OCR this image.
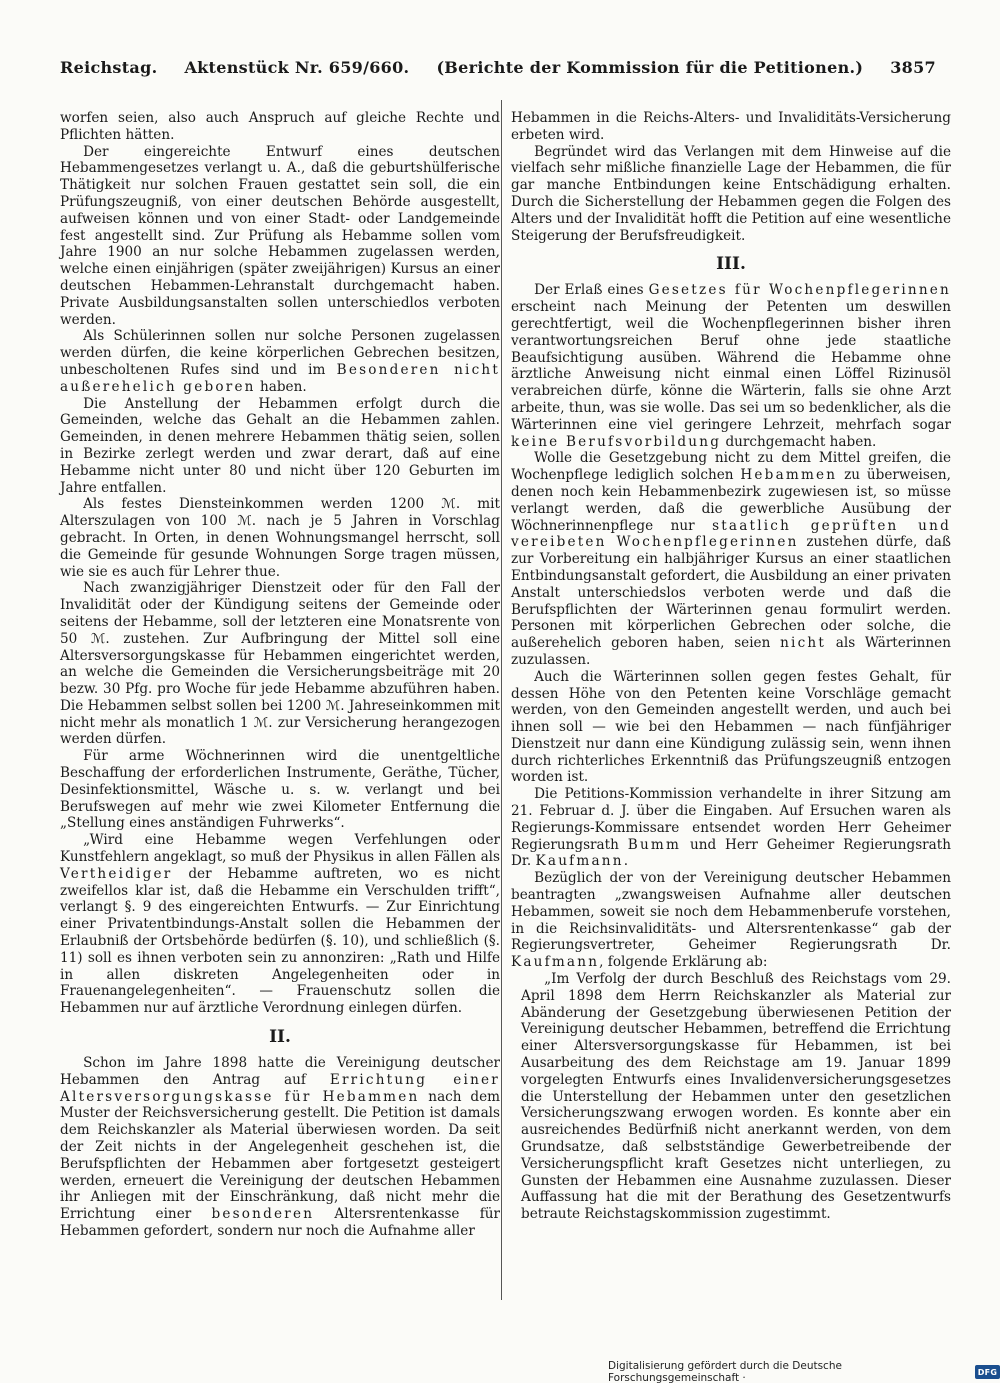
Reichstag. Aktenstück Nr. 659/660. (Berichte der Kommission für die Petitionen.) 3857

worfen seien, also auch Anspruch auf gleiche Rechte und Pflichten hätten.

Der eingereichte Entwurf eines deutschen Hebammengesetzes verlangt u. A., daß die geburtshülferische Thätigkeit nur solchen Frauen gestattet sein soll, die ein Prüfungszeugniß, von einer deutschen Behörde ausgestellt, aufweisen können und von einer Stadt- oder Landgemeinde fest angestellt sind. Zur Prüfung als Hebamme sollen vom Jahre 1900 an nur solche Hebammen zugelassen werden, welche einen einjährigen (später zweijährigen) Kursus an einer deutschen Hebammen-Lehranstalt durchgemacht haben. Private Ausbildungsanstalten sollen unterschiedlos verboten werden.

Als Schülerinnen sollen nur solche Personen zugelassen werden dürfen, die keine körperlichen Gebrechen besitzen, unbescholtenen Rufes sind und im Besonderen nicht außerehelich geboren haben.

Die Anstellung der Hebammen erfolgt durch die Gemeinden, welche das Gehalt an die Hebammen zahlen. Gemeinden, in denen mehrere Hebammen thätig seien, sollen in Bezirke zerlegt werden und zwar derart, daß auf eine Hebamme nicht unter 80 und nicht über 120 Geburten im Jahre entfallen.

Als festes Diensteinkommen werden 1200 ℳ. mit Alterszulagen von 100 ℳ. nach je 5 Jahren in Vorschlag gebracht. In Orten, in denen Wohnungsmangel herrscht, soll die Gemeinde für gesunde Wohnungen Sorge tragen müssen, wie sie es auch für Lehrer thue.

Nach zwanzigjähriger Dienstzeit oder für den Fall der Invalidität oder der Kündigung seitens der Gemeinde oder seitens der Hebamme, soll der letzteren eine Monatsrente von 50 ℳ. zustehen. Zur Aufbringung der Mittel soll eine Altersversorgungskasse für Hebammen eingerichtet werden, an welche die Gemeinden die Versicherungsbeiträge mit 20 bezw. 30 Pfg. pro Woche für jede Hebamme abzuführen haben. Die Hebammen selbst sollen bei 1200 ℳ. Jahreseinkommen mit nicht mehr als monatlich 1 ℳ. zur Versicherung herangezogen werden dürfen.

Für arme Wöchnerinnen wird die unentgeltliche Beschaffung der erforderlichen Instrumente, Geräthe, Tücher, Desinfektionsmittel, Wäsche u. s. w. verlangt und bei Berufswegen auf mehr wie zwei Kilometer Entfernung die „Stellung eines anständigen Fuhrwerks“.

„Wird eine Hebamme wegen Verfehlungen oder Kunstfehlern angeklagt, so muß der Physikus in allen Fällen als Vertheidiger der Hebamme auftreten, wo es nicht zweifellos klar ist, daß die Hebamme ein Verschulden trifft“, verlangt §. 9 des eingereichten Entwurfs. — Zur Einrichtung einer Privatentbindungs-Anstalt sollen die Hebammen der Erlaubniß der Ortsbehörde bedürfen (§. 10), und schließlich (§. 11) soll es ihnen verboten sein zu annonziren: „Rath und Hilfe in allen diskreten Angelegenheiten oder in Frauenangelegenheiten“. — Frauenschutz sollen die Hebammen nur auf ärztliche Verordnung einlegen dürfen.

II.

Schon im Jahre 1898 hatte die Vereinigung deutscher Hebammen den Antrag auf Errichtung einer Altersversorgungskasse für Hebammen nach dem Muster der Reichsversicherung gestellt. Die Petition ist damals dem Reichskanzler als Material überwiesen worden. Da seit der Zeit nichts in der Angelegenheit geschehen ist, die Berufspflichten der Hebammen aber fortgesetzt gesteigert werden, erneuert die Vereinigung der deutschen Hebammen ihr Anliegen mit der Einschränkung, daß nicht mehr die Errichtung einer besonderen Altersrentenkasse für Hebammen gefordert, sondern nur noch die Aufnahme aller

Hebammen in die Reichs-Alters- und Invaliditäts-Versicherung erbeten wird.

Begründet wird das Verlangen mit dem Hinweise auf die vielfach sehr mißliche finanzielle Lage der Hebammen, die für gar manche Entbindungen keine Entschädigung erhalten. Durch die Sicherstellung der Hebammen gegen die Folgen des Alters und der Invalidität hofft die Petition auf eine wesentliche Steigerung der Berufsfreudigkeit.

III.

Der Erlaß eines Gesetzes für Wochenpflegerinnen erscheint nach Meinung der Petenten um deswillen gerechtfertigt, weil die Wochenpflegerinnen bisher ihren verantwortungsreichen Beruf ohne jede staatliche Beaufsichtigung ausüben. Während die Hebamme ohne ärztliche Anweisung nicht einmal einen Löffel Rizinusöl verabreichen dürfe, könne die Wärterin, falls sie ohne Arzt arbeite, thun, was sie wolle. Das sei um so bedenklicher, als die Wärterinnen eine viel geringere Lehrzeit, mehrfach sogar keine Berufsvorbildung durchgemacht haben.

Wolle die Gesetzgebung nicht zu dem Mittel greifen, die Wochenpflege lediglich solchen Hebammen zu überweisen, denen noch kein Hebammenbezirk zugewiesen ist, so müsse verlangt werden, daß die gewerbliche Ausübung der Wöchnerinnenpflege nur staatlich geprüften und vereibeten Wochenpflegerinnen zustehen dürfe, daß zur Vorbereitung ein halbjähriger Kursus an einer staatlichen Entbindungsanstalt gefordert, die Ausbildung an einer privaten Anstalt unterschiedslos verboten werde und daß die Berufspflichten der Wärterinnen genau formulirt werden. Personen mit körperlichen Gebrechen oder solche, die außerehelich geboren haben, seien nicht als Wärterinnen zuzulassen.

Auch die Wärterinnen sollen gegen festes Gehalt, für dessen Höhe von den Petenten keine Vorschläge gemacht werden, von den Gemeinden angestellt werden, und auch bei ihnen soll — wie bei den Hebammen — nach fünfjähriger Dienstzeit nur dann eine Kündigung zulässig sein, wenn ihnen durch richterliches Erkenntniß das Prüfungszeugniß entzogen worden ist.

Die Petitions-Kommission verhandelte in ihrer Sitzung am 21. Februar d. J. über die Eingaben. Auf Ersuchen waren als Regierungs-Kommissare entsendet worden Herr Geheimer Regierungsrath Bumm und Herr Geheimer Regierungsrath Dr. Kaufmann.

Bezüglich der von der Vereinigung deutscher Hebammen beantragten „zwangsweisen Aufnahme aller deutschen Hebammen, soweit sie noch dem Hebammenberufe vorstehen, in die Reichsinvaliditäts- und Altersrentenkasse“ gab der Regierungsvertreter, Geheimer Regierungsrath Dr. Kaufmann, folgende Erklärung ab:

„Im Verfolg der durch Beschluß des Reichstags vom 29. April 1898 dem Herrn Reichskanzler als Material zur Abänderung der Gesetzgebung überwiesenen Petition der Vereinigung deutscher Hebammen, betreffend die Errichtung einer Altersversorgungskasse für Hebammen, ist bei Ausarbeitung des dem Reichstage am 19. Januar 1899 vorgelegten Entwurfs eines Invalidenversicherungsgesetzes die Unterstellung der Hebammen unter den gesetzlichen Versicherungszwang erwogen worden. Es konnte aber ein ausreichendes Bedürfniß nicht anerkannt werden, von dem Grundsatze, daß selbstständige Gewerbetreibende der Versicherungspflicht kraft Gesetzes nicht unterliegen, zu Gunsten der Hebammen eine Ausnahme zuzulassen. Dieser Auffassung hat die mit der Berathung des Gesetzentwurfs betraute Reichstagskommission zugestimmt.

Digitalisierung gefördert durch die Deutsche Forschungsgemeinschaft ·	DFG
